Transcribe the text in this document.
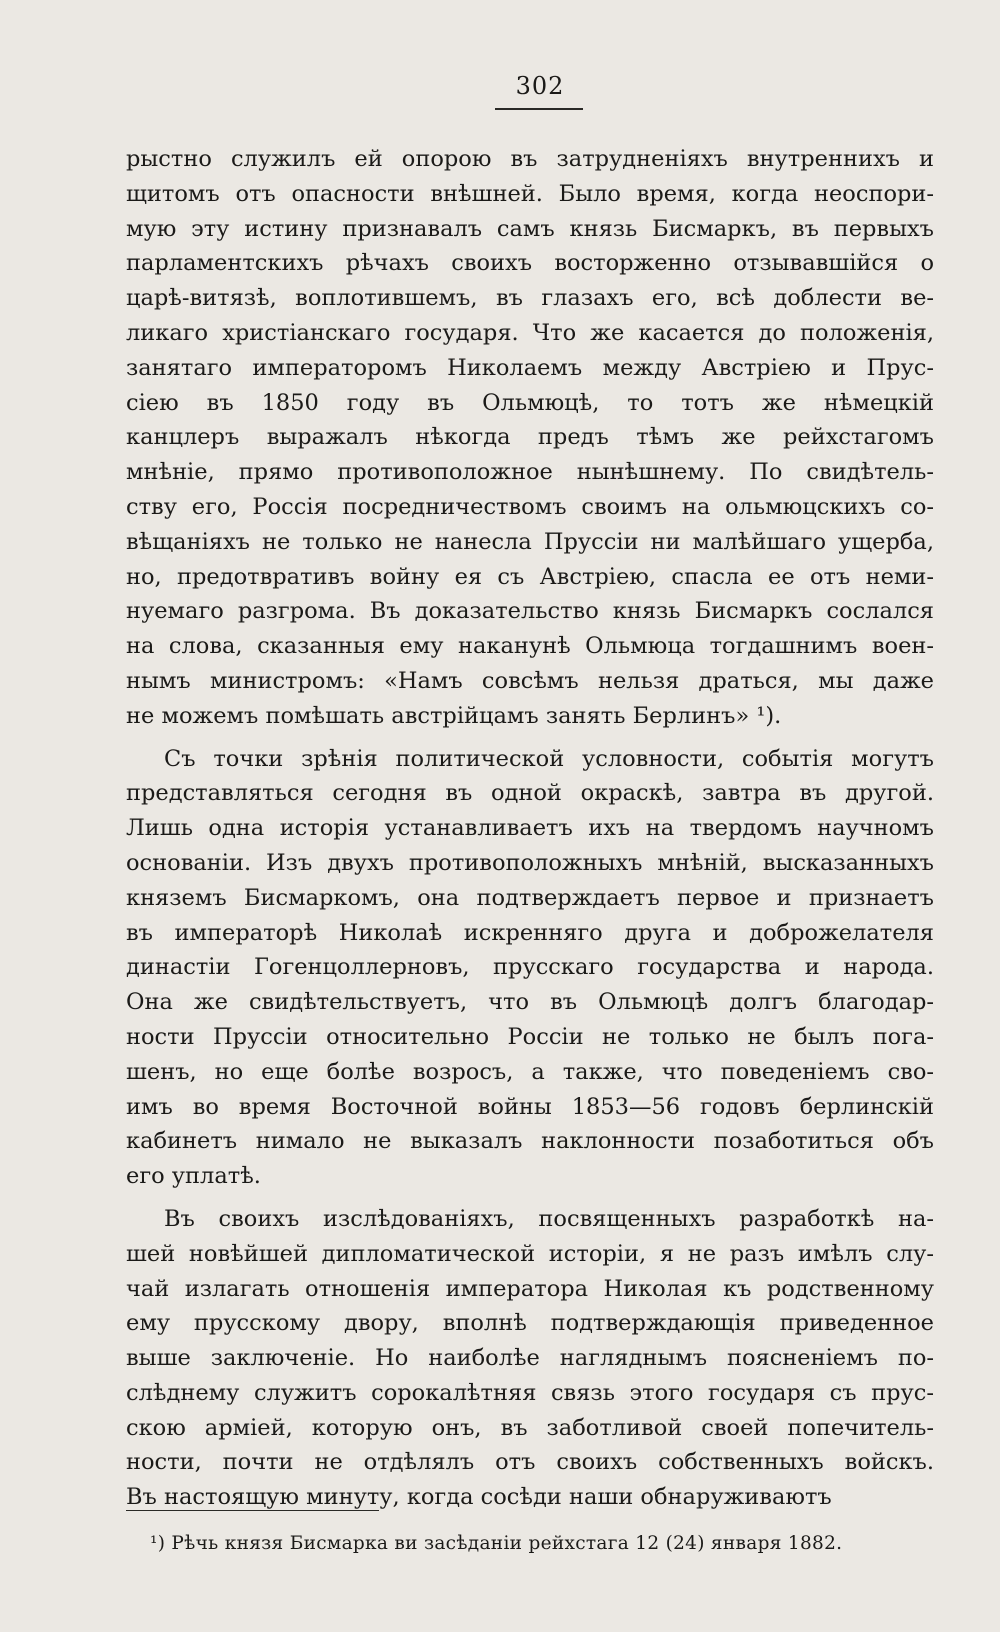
302
рыстно служилъ ей опорою въ затрудненіяхъ внутреннихъ и
щитомъ отъ опасности внѣшней. Было время, когда неоспори-
мую эту истину признавалъ самъ князь Бисмаркъ, въ первыхъ
парламентскихъ рѣчахъ своихъ восторженно отзывавшійся о
царѣ-витязѣ, воплотившемъ, въ глазахъ его, всѣ доблести ве-
ликаго христіанскаго государя. Что же касается до положенія,
занятаго императоромъ Николаемъ между Австріею и Прус-
сіею въ 1850 году въ Ольмюцѣ, то тотъ же нѣмецкій
канцлеръ выражалъ нѣкогда предъ тѣмъ же рейхстагомъ
мнѣніе, прямо противоположное нынѣшнему. По свидѣтель-
ству его, Россія посредничествомъ своимъ на ольмюцскихъ со-
вѣщаніяхъ не только не нанесла Пруссіи ни малѣйшаго ущерба,
но, предотвративъ войну ея съ Австріею, спасла ее отъ неми-
нуемаго разгрома. Въ доказательство князь Бисмаркъ сослался
на слова, сказанныя ему наканунѣ Ольмюца тогдашнимъ воен-
нымъ министромъ: «Намъ совсѣмъ нельзя драться, мы даже
не можемъ помѣшать австрійцамъ занять Берлинъ» ¹).
Съ точки зрѣнія политической условности, событія могутъ
представляться сегодня въ одной окраскѣ, завтра въ другой.
Лишь одна исторія устанавливаетъ ихъ на твердомъ научномъ
основаніи. Изъ двухъ противоположныхъ мнѣній, высказанныхъ
княземъ Бисмаркомъ, она подтверждаетъ первое и признаетъ
въ императорѣ Николаѣ искренняго друга и доброжелателя
династіи Гогенцоллерновъ, прусскаго государства и народа.
Она же свидѣтельствуетъ, что въ Ольмюцѣ долгъ благодар-
ности Пруссіи относительно Россіи не только не былъ пога-
шенъ, но еще болѣе возросъ, а также, что поведеніемъ сво-
имъ во время Восточной войны 1853—56 годовъ берлинскій
кабинетъ нимало не выказалъ наклонности позаботиться объ
его уплатѣ.
Въ своихъ изслѣдованіяхъ, посвященныхъ разработкѣ на-
шей новѣйшей дипломатической исторіи, я не разъ имѣлъ слу-
чай излагать отношенія императора Николая къ родственному
ему прусскому двору, вполнѣ подтверждающія приведенное
выше заключеніе. Но наиболѣе нагляднымъ поясненіемъ по-
слѣднему служитъ сорокалѣтняя связь этого государя съ прус-
скою арміей, которую онъ, въ заботливой своей попечитель-
ности, почти не отдѣлялъ отъ своихъ собственныхъ войскъ.
Въ настоящую минуту, когда сосѣди наши обнаруживаютъ
¹) Рѣчь князя Бисмарка ви засѣданіи рейхстага 12 (24) января 1882.
